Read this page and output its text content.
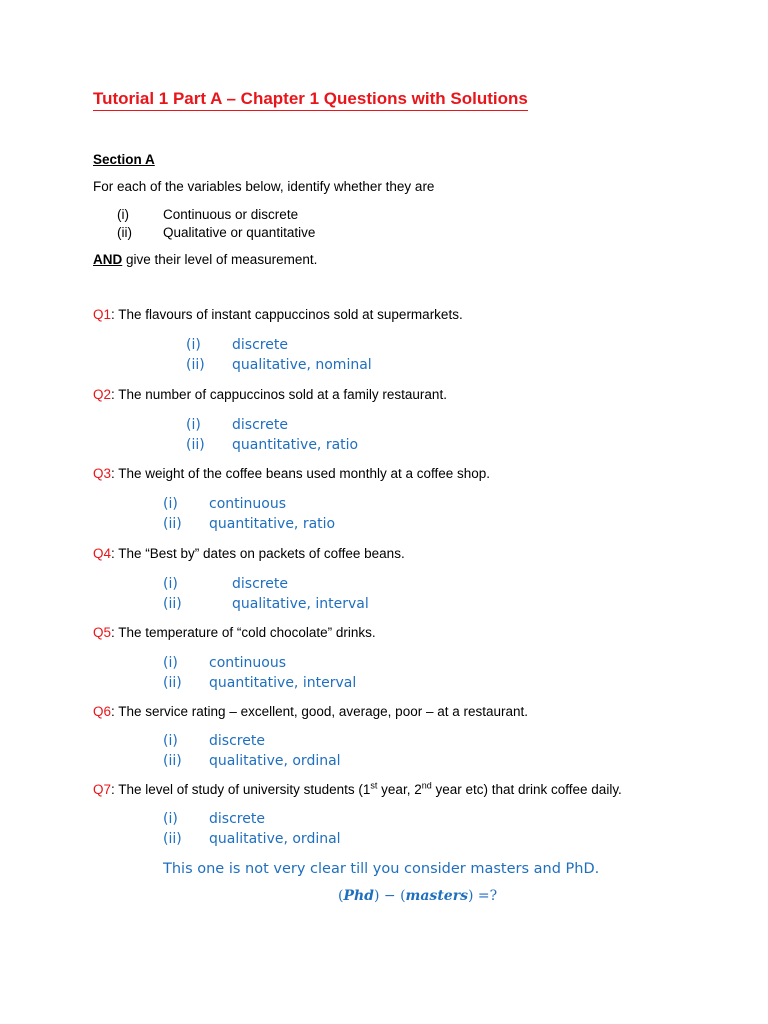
Tutorial 1 Part A – Chapter 1 Questions with Solutions
Section A
For each of the variables below, identify whether they are
(i)	Continuous or discrete
(ii) Qualitative or quantitative
AND give their level of measurement.
Q1: The flavours of instant cappuccinos sold at supermarkets.
(i) discrete
(ii) qualitative, nominal
Q2: The number of cappuccinos sold at a family restaurant.
(i) discrete
(ii) quantitative, ratio
Q3: The weight of the coffee beans used monthly at a coffee shop.
(i) continuous
(ii) quantitative, ratio
Q4: The “Best by” dates on packets of coffee beans.
(i)	discrete
(ii)	qualitative, interval
Q5: The temperature of “cold chocolate” drinks.
(i) continuous
(ii) quantitative, interval
Q6: The service rating – excellent, good, average, poor – at a restaurant.
(i) discrete
(ii) qualitative, ordinal
Q7: The level of study of university students (1st year, 2nd year etc) that drink coffee daily.
(i) discrete
(ii) qualitative, ordinal
This one is not very clear till you consider masters and PhD.
(Phd) − (masters) =?
